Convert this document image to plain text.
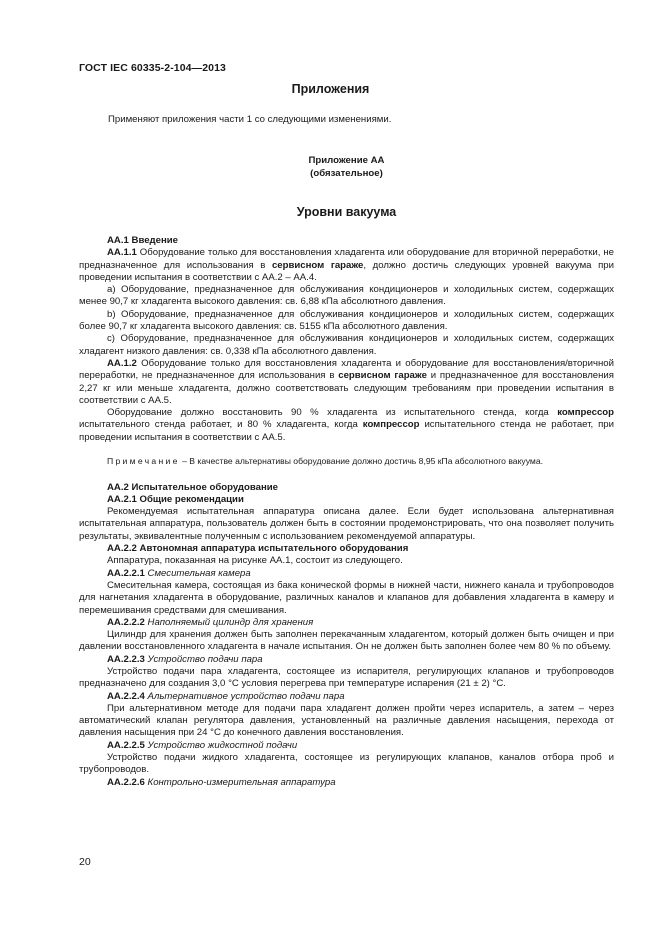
ГОСТ IEC 60335-2-104—2013
Приложения
Применяют приложения части 1 со следующими изменениями.
Приложение АА
(обязательное)
Уровни вакуума

АА.1 Введение

АА.1.1 Оборудование только для восстановления хладагента или оборудование для вторичной переработки, не предназначенное для использования в сервисном гараже, должно достичь следующих уровней вакуума при проведении испытания в соответствии с АА.2 – АА.4.

а) Оборудование, предназначенное для обслуживания кондиционеров и холодильных систем, содержащих менее 90,7 кг хладагента высокого давления: св. 6,88 кПа абсолютного давления.

b) Оборудование, предназначенное для обслуживания кондиционеров и холодильных систем, содержащих более 90,7 кг хладагента высокого давления: св. 5155 кПа абсолютного давления.

с) Оборудование, предназначенное для обслуживания кондиционеров и холодильных систем, содержащих хладагент низкого давления: св. 0,338 кПа абсолютного давления.

АА.1.2 Оборудование только для восстановления хладагента и оборудование для восстановления/вторичной переработки, не предназначенное для использования в сервисном гараже и предназначенное для восстановления 2,27 кг или меньше хладагента, должно соответствовать следующим требованиям при проведении испытания в соответствии с АА.5.

Оборудование должно восстановить 90 % хладагента из испытательного стенда, когда компрессор испытательного стенда работает, и 80 % хладагента, когда компрессор испытательного стенда не работает, при проведении испытания в соответствии с АА.5.

Примечание – В качестве альтернативы оборудование должно достичь 8,95 кПа абсолютного вакуума.

АА.2 Испытательное оборудование

АА.2.1 Общие рекомендации

Рекомендуемая испытательная аппаратура описана далее. Если будет использована альтернативная испытательная аппаратура, пользователь должен быть в состоянии продемонстрировать, что она позволяет получить результаты, эквивалентные полученным с использованием рекомендуемой аппаратуры.

АА.2.2 Автономная аппаратура испытательного оборудования

Аппаратура, показанная на рисунке АА.1, состоит из следующего.

АА.2.2.1 Смесительная камера

Смесительная камера, состоящая из бака конической формы в нижней части, нижнего канала и трубопроводов для нагнетания хладагента в оборудование, различных каналов и клапанов для добавления хладагента в камеру и перемешивания средствами для смешивания.

АА.2.2.2 Наполняемый цилиндр для хранения

Цилиндр для хранения должен быть заполнен перекачанным хладагентом, который должен быть очищен и при давлении восстановленного хладагента в начале испытания. Он не должен быть заполнен более чем 80 % по объему.

АА.2.2.3 Устройство подачи пара

Устройство подачи пара хладагента, состоящее из испарителя, регулирующих клапанов и трубопроводов предназначено для создания 3,0 °С условия перегрева при температуре испарения (21 ± 2) °С.

АА.2.2.4 Альтернативное устройство подачи пара

При альтернативном методе для подачи пара хладагент должен пройти через испаритель, а затем – через автоматический клапан регулятора давления, установленный на различные давления насыщения, перехода от давления насыщения при 24 °С до конечного давления восстановления.

АА.2.2.5 Устройство жидкостной подачи

Устройство подачи жидкого хладагента, состоящее из регулирующих клапанов, каналов отбора проб и трубопроводов.

АА.2.2.6 Контрольно-измерительная аппаратура

20
